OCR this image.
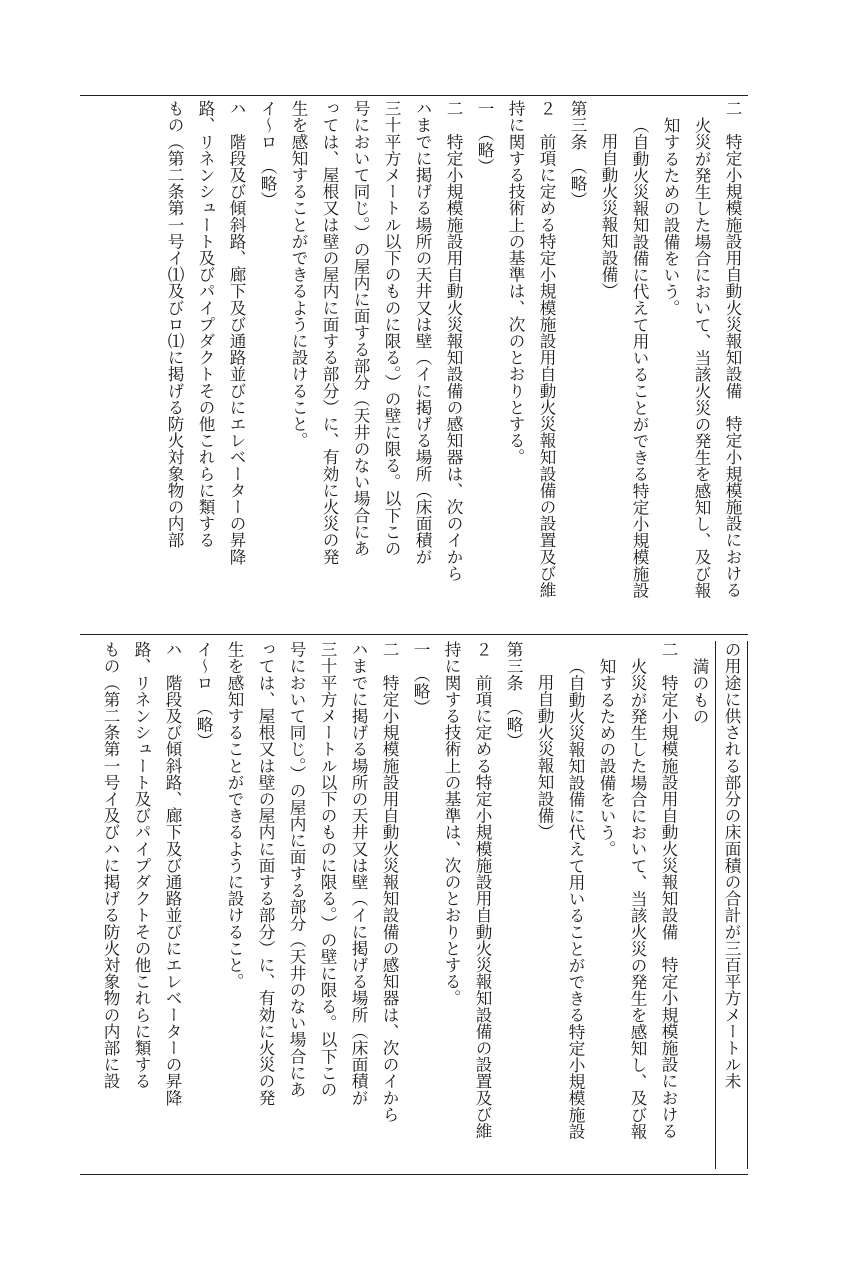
二　特定小規模施設用自動火災報知設備　特定小規模施設における
火災が発生した場合において、当該火災の発生を感知し、及び報
知するための設備をいう。
（自動火災報知設備に代えて用いることができる特定小規模施設
用自動火災報知設備）
第三条　（略）
２　前項に定める特定小規模施設用自動火災報知設備の設置及び維
持に関する技術上の基準は、次のとおりとする。
一　（略）
二　特定小規模施設用自動火災報知設備の感知器は、次のイから
ハまでに掲げる場所の天井又は壁（イに掲げる場所（床面積が
三十平方メートル以下のものに限る。）の壁に限る。以下この
号において同じ。）の屋内に面する部分（天井のない場合にあ
っては、屋根又は壁の屋内に面する部分）に、有効に火災の発
生を感知することができるように設けること。
イ〜ロ　（略）
ハ　階段及び傾斜路、廊下及び通路並びにエレベーターの昇降
路、リネンシュート及びパイプダクトその他これらに類する
もの（第二条第一号イ⑴及びロ⑴に掲げる防火対象物の内部
の用途に供される部分の床面積の合計が三百平方メートル未
満のもの
二　特定小規模施設用自動火災報知設備　特定小規模施設における
火災が発生した場合において、当該火災の発生を感知し、及び報
知するための設備をいう。
（自動火災報知設備に代えて用いることができる特定小規模施設
用自動火災報知設備）
第三条　（略）
２　前項に定める特定小規模施設用自動火災報知設備の設置及び維
持に関する技術上の基準は、次のとおりとする。
一　（略）
二　特定小規模施設用自動火災報知設備の感知器は、次のイから
ハまでに掲げる場所の天井又は壁（イに掲げる場所（床面積が
三十平方メートル以下のものに限る。）の壁に限る。以下この
号において同じ。）の屋内に面する部分（天井のない場合にあ
っては、屋根又は壁の屋内に面する部分）に、有効に火災の発
生を感知することができるように設けること。
イ〜ロ　（略）
ハ　階段及び傾斜路、廊下及び通路並びにエレベーターの昇降
路、リネンシュート及びパイプダクトその他これらに類する
もの（第二条第一号イ及びハに掲げる防火対象物の内部に設
